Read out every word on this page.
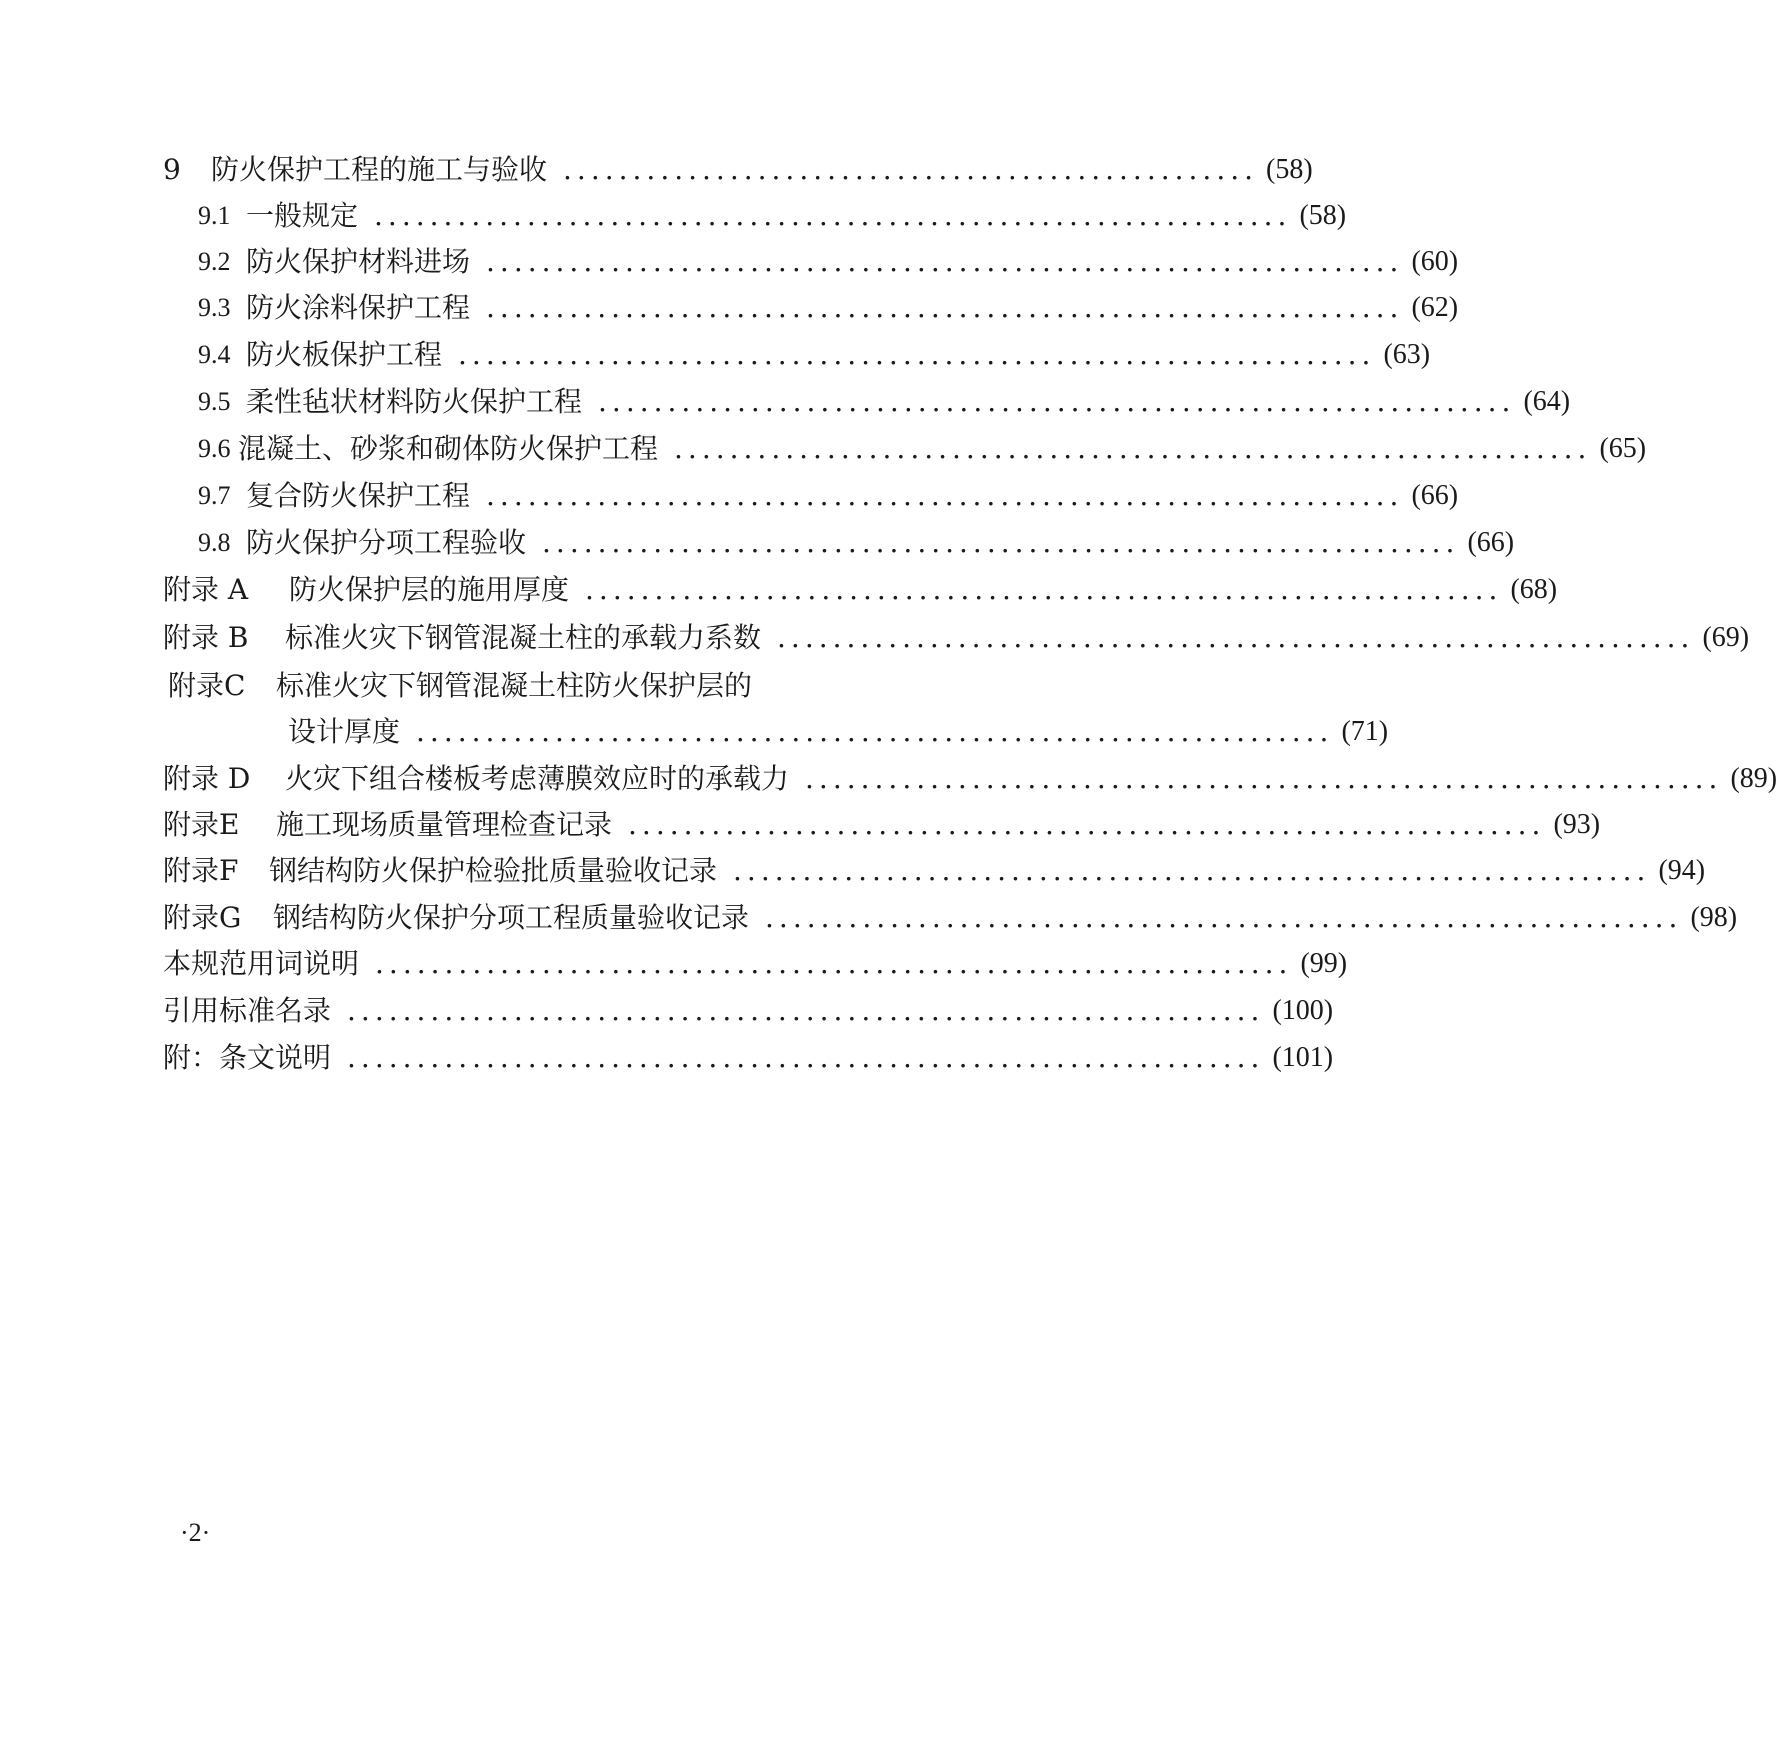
9	防火保护工程的施工与验收 .................................................. (58)
9.1 一般规定 .................................................................. (58)
9.2 防火保护材料进场 .................................................................. (60)
9.3 防火涂料保护工程 .................................................................. (62)
9.4 防火板保护工程 .................................................................. (63)
9.5 柔性毡状材料防火保护工程 .................................................................. (64)
9.6 混凝土、砂浆和砌体防火保护工程 .................................................................. (65)
9.7 复合防火保护工程 .................................................................. (66)
9.8 防火保护分项工程验收 .................................................................. (66)
附录 A	防火保护层的施用厚度 .................................................................. (68)
附录 B	标准火灾下钢管混凝土柱的承载力系数 .................................................................. (69)
附录C 标准火灾下钢管混凝土柱防火保护层的
设计厚度 .................................................................. (71)
附录 D	火灾下组合楼板考虑薄膜效应时的承载力 .................................................................. (89)
附录E	施工现场质量管理检查记录 .................................................................. (93)
附录F	钢结构防火保护检验批质量验收记录 .................................................................. (94)
附录G	钢结构防火保护分项工程质量验收记录 .................................................................. (98)
本规范用词说明 .................................................................. (99)
引用标准名录 .................................................................. (100)
附：条文说明 .................................................................. (101)
·2·
